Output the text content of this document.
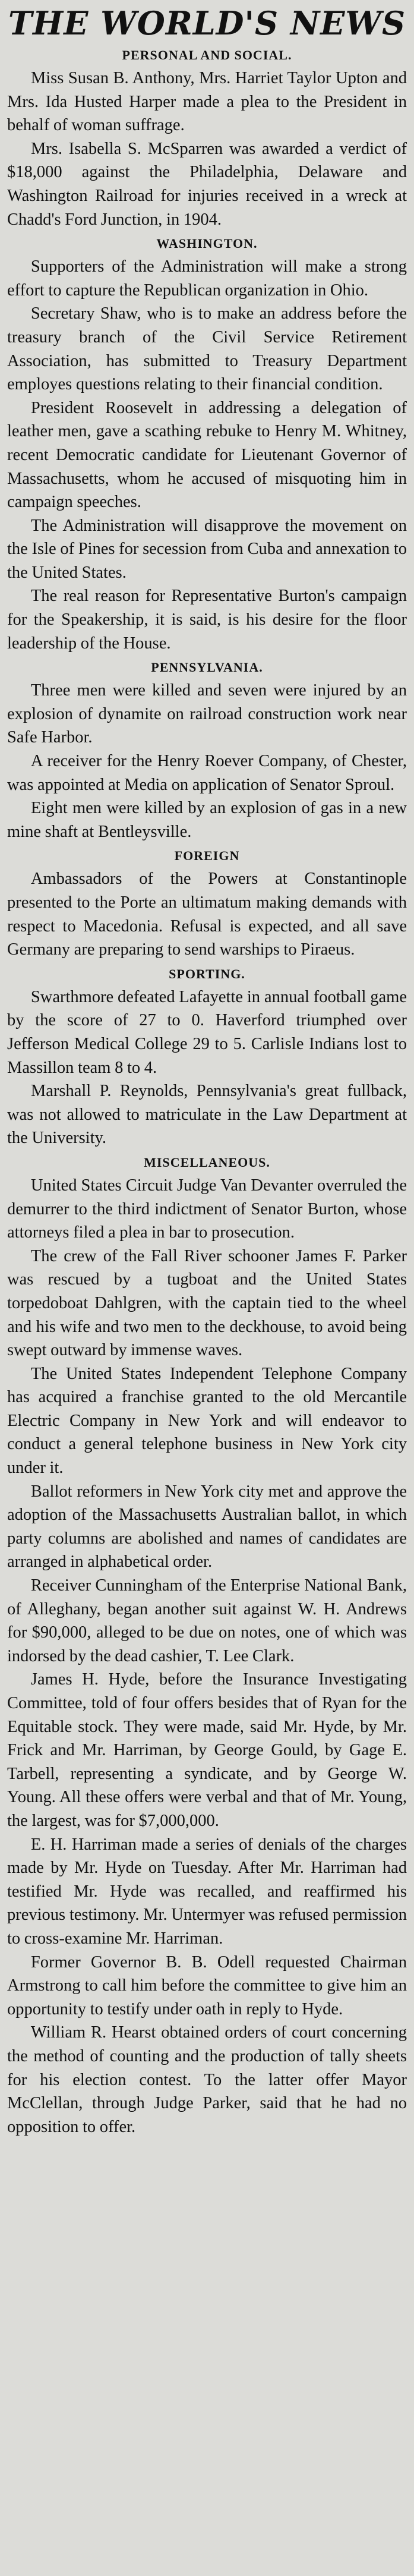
THE WORLD'S NEWS
PERSONAL AND SOCIAL.

Miss Susan B. Anthony, Mrs. Harriet Taylor Upton and Mrs. Ida Husted Harper made a plea to the President in behalf of woman suffrage.

Mrs. Isabella S. McSparren was awarded a verdict of $18,000 against the Philadelphia, Delaware and Washington Railroad for injuries received in a wreck at Chadd's Ford Junction, in 1904.

WASHINGTON.

Supporters of the Administration will make a strong effort to capture the Republican organization in Ohio.

Secretary Shaw, who is to make an address before the treasury branch of the Civil Service Retirement Association, has submitted to Treasury Department employes questions relating to their financial condition.

President Roosevelt in addressing a delegation of leather men, gave a scathing rebuke to Henry M. Whitney, recent Democratic candidate for Lieutenant Governor of Massachusetts, whom he accused of misquoting him in campaign speeches.

The Administration will disapprove the movement on the Isle of Pines for secession from Cuba and annexation to the United States.

The real reason for Representative Burton's campaign for the Speakership, it is said, is his desire for the floor leadership of the House.

PENNSYLVANIA.

Three men were killed and seven were injured by an explosion of dynamite on railroad construction work near Safe Harbor.

A receiver for the Henry Roever Company, of Chester, was appointed at Media on application of Senator Sproul.

Eight men were killed by an explosion of gas in a new mine shaft at Bentleysville.

FOREIGN

Ambassadors of the Powers at Constantinople presented to the Porte an ultimatum making demands with respect to Macedonia. Refusal is expected, and all save Germany are preparing to send warships to Piraeus.

SPORTING.

Swarthmore defeated Lafayette in annual football game by the score of 27 to 0. Haverford triumphed over Jefferson Medical College 29 to 5. Carlisle Indians lost to Massillon team 8 to 4.

Marshall P. Reynolds, Pennsylvania's great fullback, was not allowed to matriculate in the Law Department at the University.

MISCELLANEOUS.

United States Circuit Judge Van Devanter overruled the demurrer to the third indictment of Senator Burton, whose attorneys filed a plea in bar to prosecution.

The crew of the Fall River schooner James F. Parker was rescued by a tugboat and the United States torpedoboat Dahlgren, with the captain tied to the wheel and his wife and two men to the deckhouse, to avoid being swept outward by immense waves.

The United States Independent Telephone Company has acquired a franchise granted to the old Mercantile Electric Company in New York and will endeavor to conduct a general telephone business in New York city under it.

Ballot reformers in New York city met and approve the adoption of the Massachusetts Australian ballot, in which party columns are abolished and names of candidates are arranged in alphabetical order.

Receiver Cunningham of the Enterprise National Bank, of Alleghany, began another suit against W. H. Andrews for $90,000, alleged to be due on notes, one of which was indorsed by the dead cashier, T. Lee Clark.

James H. Hyde, before the Insurance Investigating Committee, told of four offers besides that of Ryan for the Equitable stock. They were made, said Mr. Hyde, by Mr. Frick and Mr. Harriman, by George Gould, by Gage E. Tarbell, representing a syndicate, and by George W. Young. All these offers were verbal and that of Mr. Young, the largest, was for $7,000,000.

E. H. Harriman made a series of denials of the charges made by Mr. Hyde on Tuesday. After Mr. Harriman had testified Mr. Hyde was recalled, and reaffirmed his previous testimony. Mr. Untermyer was refused permission to cross-examine Mr. Harriman.

Former Governor B. B. Odell requested Chairman Armstrong to call him before the committee to give him an opportunity to testify under oath in reply to Hyde.

William R. Hearst obtained orders of court concerning the method of counting and the production of tally sheets for his election contest. To the latter offer Mayor McClellan, through Judge Parker, said that he had no opposition to offer.
